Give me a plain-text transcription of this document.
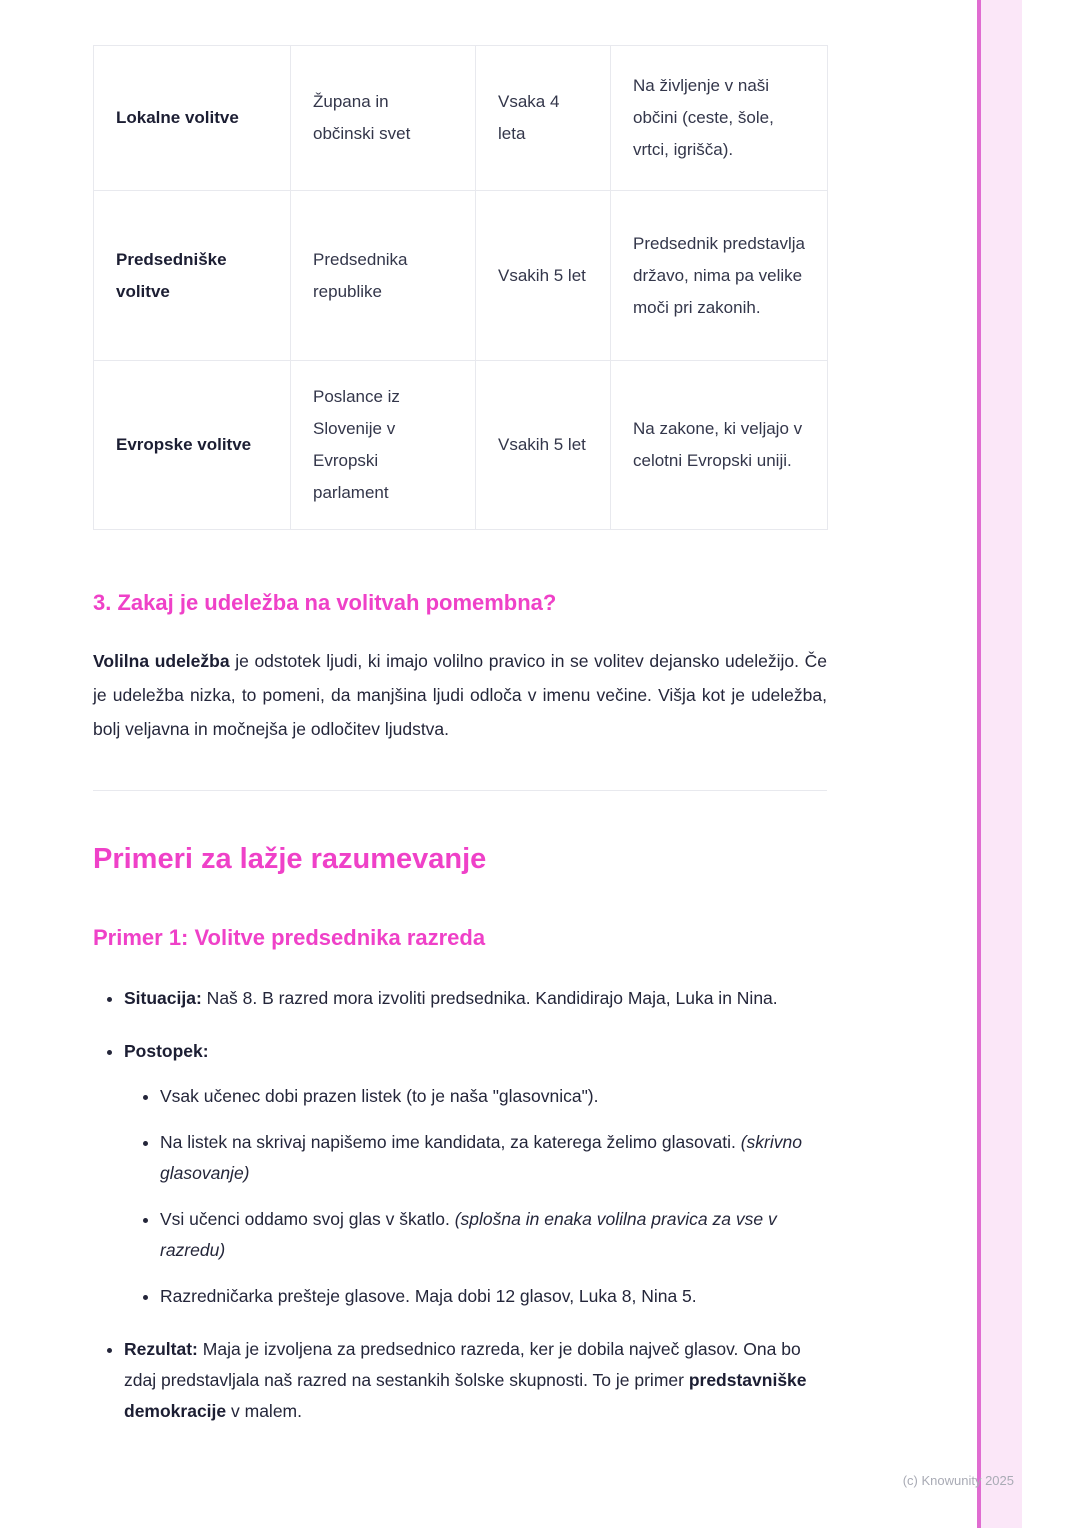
Lokalne volitve	Župana in občinski svet	Vsaka 4 leta	Na življenje v naši občini (ceste, šole, vrtci, igrišča).
Predsedniške volitve	Predsednika republike	Vsakih 5 let	Predsednik predstavlja državo, nima pa velike moči pri zakonih.
Evropske volitve	Poslance iz Slovenije v Evropski parlament	Vsakih 5 let	Na zakone, ki veljajo v celotni Evropski uniji.
3. Zakaj je udeležba na volitvah pomembna?

Volilna udeležba je odstotek ljudi, ki imajo volilno pravico in se volitev dejansko udeležijo. Če je udeležba nizka, to pomeni, da manjšina ljudi odloča v imenu večine. Višja kot je udeležba, bolj veljavna in močnejša je odločitev ljudstva.

Primeri za lažje razumevanje
Primer 1: Volitve predsednika razreda
• Situacija: Naš 8. B razred mora izvoliti predsednika. Kandidirajo Maja, Luka in Nina.
• Postopek:
• Vsak učenec dobi prazen listek (to je naša "glasovnica").
• Na listek na skrivaj napišemo ime kandidata, za katerega želimo glasovati. (skrivno glasovanje)
• Vsi učenci oddamo svoj glas v škatlo. (splošna in enaka volilna pravica za vse v razredu)
• Razredničarka prešteje glasove. Maja dobi 12 glasov, Luka 8, Nina 5.
• Rezultat: Maja je izvoljena za predsednico razreda, ker je dobila največ glasov. Ona bo zdaj predstavljala naš razred na sestankih šolske skupnosti. To je primer predstavniške demokracije v malem.
(c) Knowunity 2025
